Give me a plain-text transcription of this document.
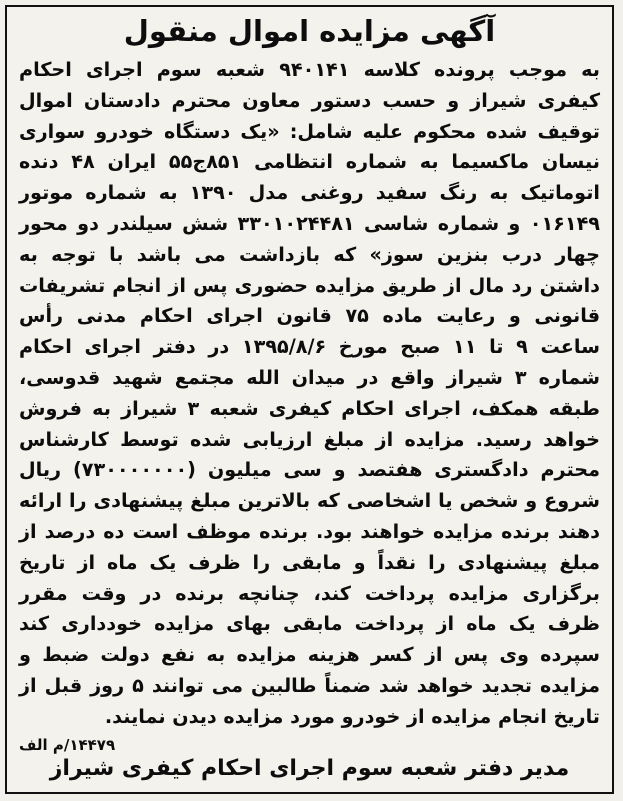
آگهی مزایده اموال منقول

به موجب پرونده کلاسه ۹۴۰۱۴۱ شعبه سوم اجرای احکام کیفری شیراز و حسب دستور معاون محترم دادستان اموال توقیف شده محکوم علیه شامل: «یک دستگاه خودرو سواری نیسان ماکسیما به شماره انتظامی ۸۵۱ج۵۵ ایران ۴۸ دنده اتوماتیک به رنگ سفید روغنی مدل ۱۳۹۰ به شماره موتور ۰۱۶۱۴۹ و شماره شاسی ۳۳۰۱۰۲۴۴۸۱ شش سیلندر دو محور چهار درب بنزین سوز» که بازداشت می باشد با توجه به داشتن رد مال از طریق مزایده حضوری پس از انجام تشریفات قانونی و رعایت ماده ۷۵ قانون اجرای احکام مدنی رأس ساعت ۹ تا ۱۱ صبح مورخ ۱۳۹۵/۸/۶ در دفتر اجرای احکام شماره ۳ شیراز واقع در میدان الله مجتمع شهید قدوسی، طبقه همکف، اجرای احکام کیفری شعبه ۳ شیراز به فروش خواهد رسید. مزایده از مبلغ ارزیابی شده توسط کارشناس محترم دادگستری هفتصد و سی میلیون (۷۳۰۰۰۰۰۰۰) ریال شروع و شخص یا اشخاصی که بالاترین مبلغ پیشنهادی را ارائه دهند برنده مزایده خواهند بود. برنده موظف است ده درصد از مبلغ پیشنهادی را نقداً و مابقی را ظرف یک ماه از تاریخ برگزاری مزایده پرداخت کند، چنانچه برنده در وقت مقرر ظرف یک ماه از پرداخت مابقی بهای مزایده خودداری کند سپرده وی پس از کسر هزینه مزایده به نفع دولت ضبط و مزایده تجدید خواهد شد ضمناً طالبین می توانند ۵ روز قبل از تاریخ انجام مزایده از خودرو مورد مزایده دیدن نمایند.

۱۴۴۷۹/م الف
مدیر دفتر شعبه سوم اجرای احکام کیفری شیراز
